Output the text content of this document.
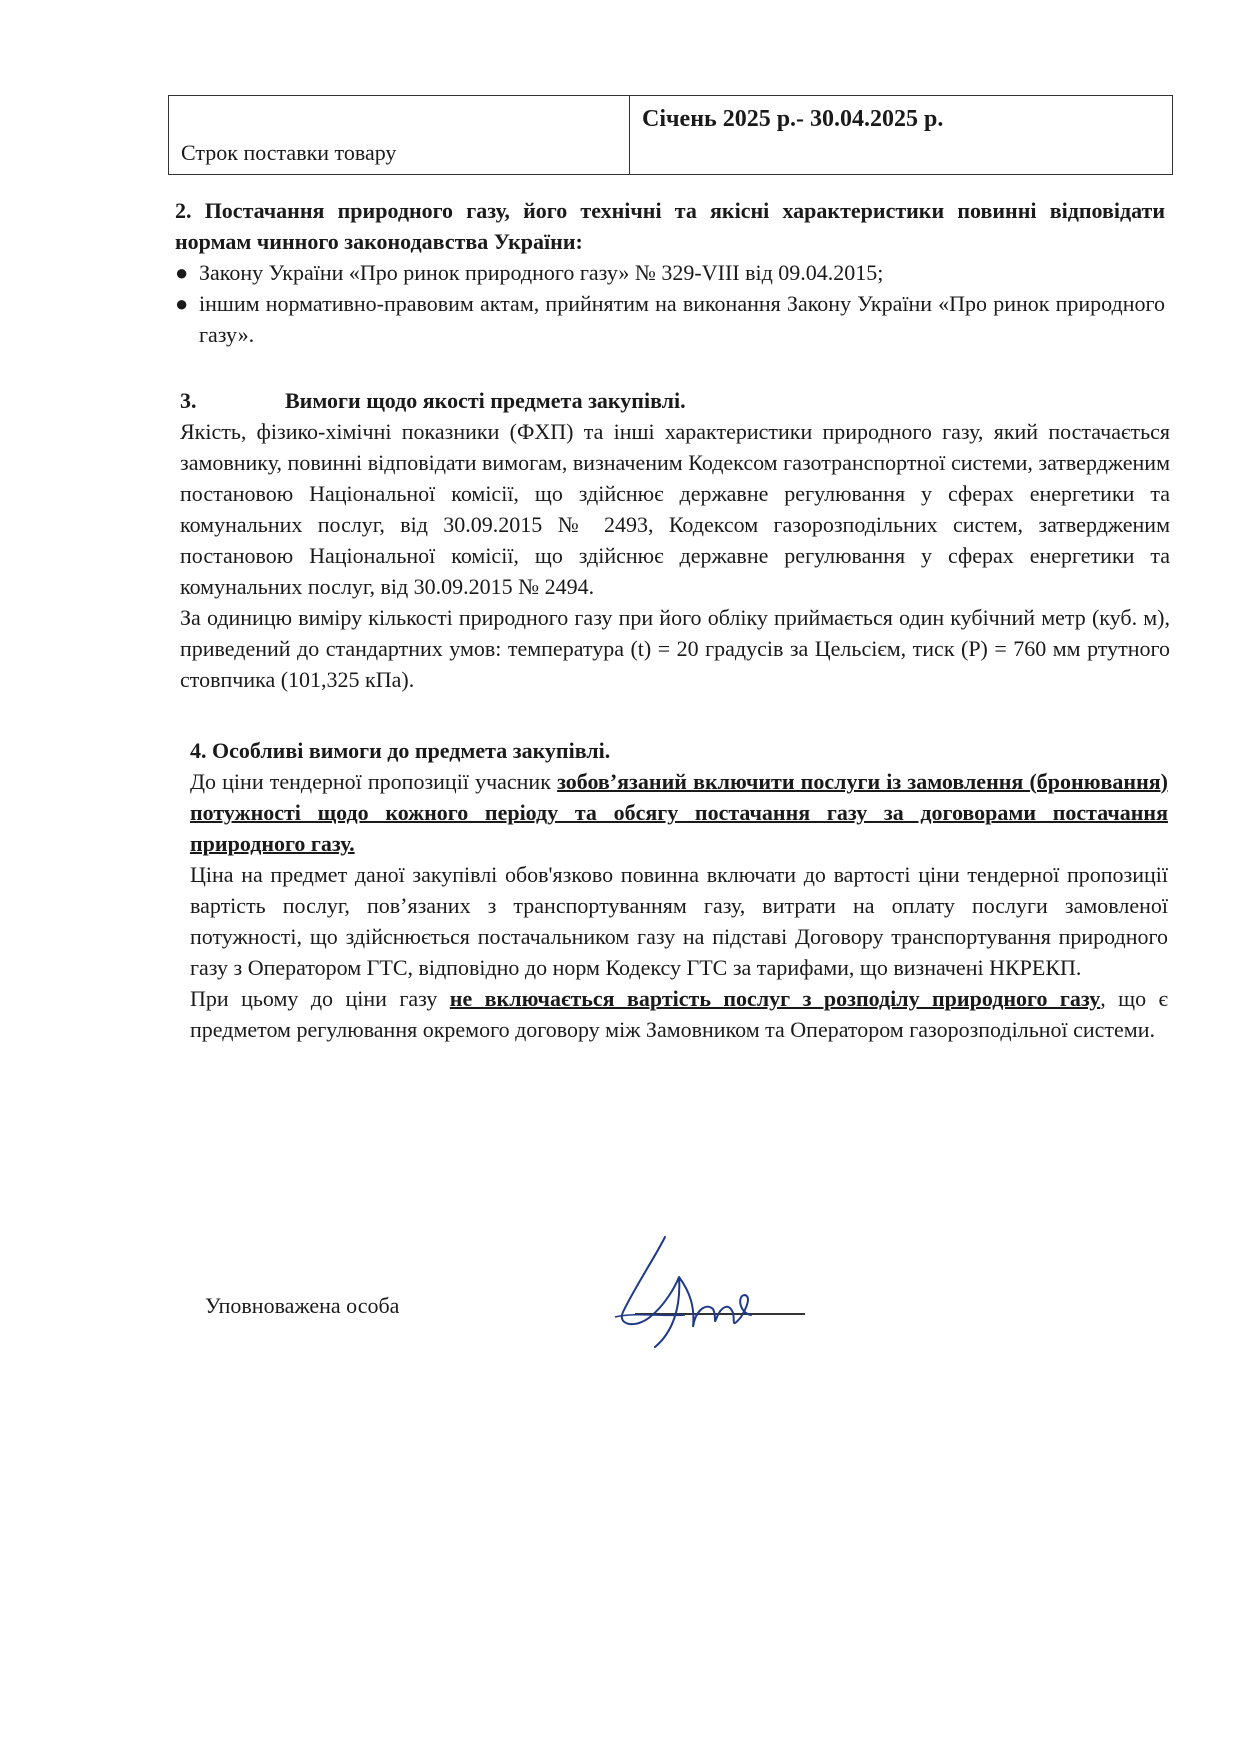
Строк поставки товару
Січень 2025 р.- 30.04.2025 р.

2. Постачання природного газу, його технічні та якісні характеристики повинні відповідати нормам чинного законодавства України:

● Закону України «Про ринок природного газу» № 329-VIII від 09.04.2015;

● іншим нормативно-правовим актам, прийнятим на виконання Закону України «Про ринок природного газу».

3.	Вимоги щодо якості предмета закупівлі.

Якість, фізико-хімічні показники (ФХП) та інші характеристики природного газу, який постачається замовнику, повинні відповідати вимогам, визначеним Кодексом газотранспортної системи, затвердженим постановою Національної комісії, що здійснює державне регулювання у сферах енергетики та комунальних послуг, від 30.09.2015 № 2493, Кодексом газорозподільних систем, затвердженим постановою Національної комісії, що здійснює державне регулювання у сферах енергетики та комунальних послуг, від 30.09.2015 № 2494.

За одиницю виміру кількості природного газу при його обліку приймається один кубічний метр (куб. м), приведений до стандартних умов: температура (t) = 20 градусів за Цельсієм, тиск (P) = 760 мм ртутного стовпчика (101,325 кПа).

4. Особливі вимоги до предмета закупівлі.

До ціни тендерної пропозиції учасник зобов’язаний включити послуги із замовлення (бронювання) потужності щодо кожного періоду та обсягу постачання газу за договорами постачання природного газу.

Ціна на предмет даної закупівлі обов'язково повинна включати до вартості ціни тендерної пропозиції вартість послуг, пов’язаних з транспортуванням газу, витрати на оплату послуги замовленої потужності, що здійснюється постачальником газу на підставі Договору транспортування природного газу з Оператором ГТС, відповідно до норм Кодексу ГТС за тарифами, що визначені НКРЕКП.

При цьому до ціни газу не включається вартість послуг з розподілу природного газу, що є предметом регулювання окремого договору між Замовником та Оператором газорозподільної системи.

Уповноважена особа
